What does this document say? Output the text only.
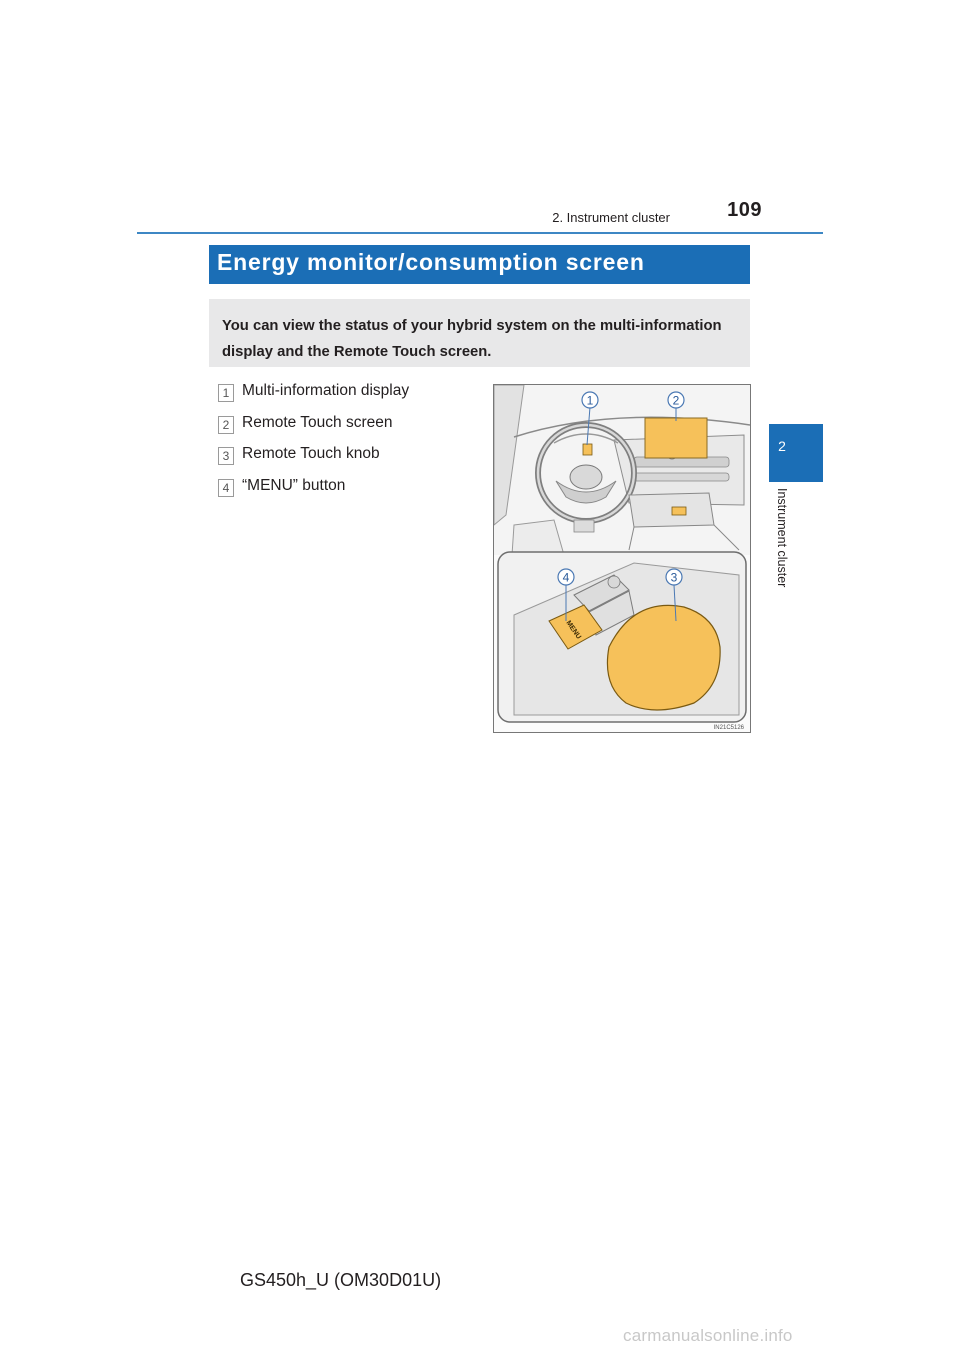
2. Instrument cluster	109
2
Instrument cluster
Energy monitor/consumption screen
You can view the status of your hybrid system on the multi-information display and the Remote Touch screen.
1 Multi-information display
2 Remote Touch screen
3 Remote Touch knob
4 “MENU” button
1	2
MENU
4	3
IN21C5126
GS450h_U (OM30D01U)
carmanualsonline.info
